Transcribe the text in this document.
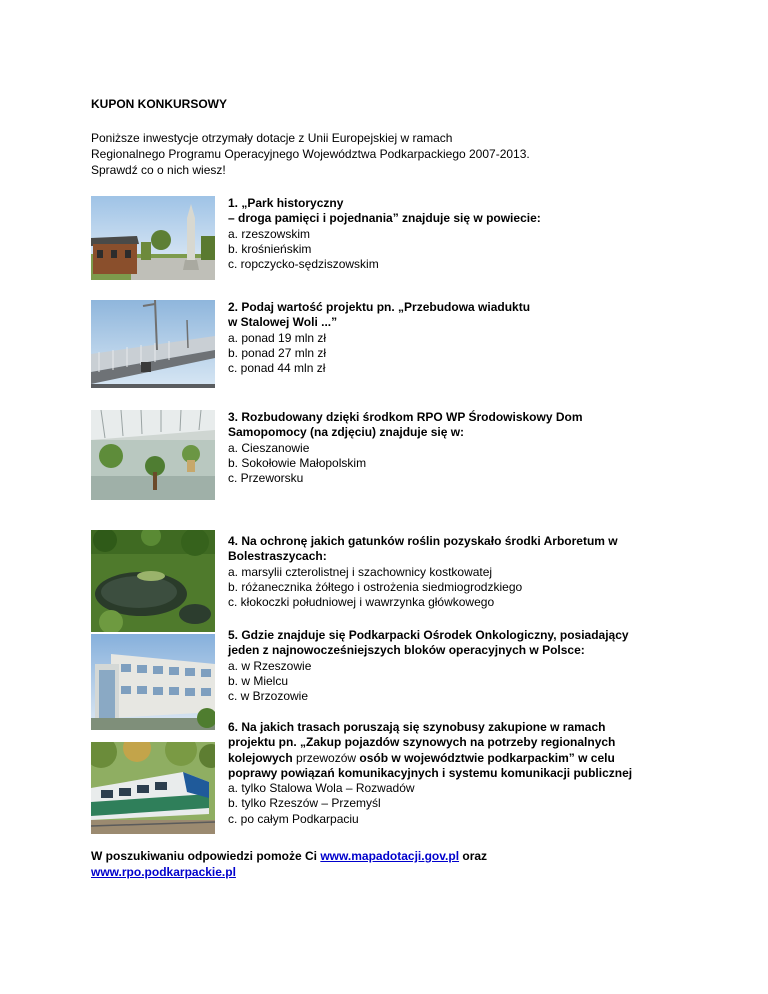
KUPON KONKURSOWY
Poniższe inwestycje otrzymały dotacje z Unii Europejskiej w ramach
Regionalnego Programu Operacyjnego Województwa Podkarpackiego 2007-2013.
Sprawdź co o nich wiesz!
1. „Park historyczny
– droga pamięci i pojednania” znajduje się w powiecie:
a. rzeszowskim
b. krośnieńskim
c. ropczycko-sędziszowskim
2. Podaj wartość projektu pn. „Przebudowa wiaduktu
w Stalowej Woli ...”
a. ponad 19 mln zł
b. ponad 27 mln zł
c. ponad 44 mln zł
3. Rozbudowany dzięki środkom RPO WP Środowiskowy Dom
Samopomocy (na zdjęciu) znajduje się w:
a. Cieszanowie
b. Sokołowie Małopolskim
c. Przeworsku
4. Na ochronę jakich gatunków roślin pozyskało środki Arboretum w
Bolestraszycach:
a. marsylii czterolistnej i szachownicy kostkowatej
b. różanecznika żółtego i ostrożenia siedmiogrodzkiego
c. kłokoczki południowej i wawrzynka główkowego
5. Gdzie znajduje się Podkarpacki Ośrodek Onkologiczny, posiadający
jeden z najnowocześniejszych bloków operacyjnych w Polsce:
a. w Rzeszowie
b. w Mielcu
c. w Brzozowie
6. Na jakich trasach poruszają się szynobusy zakupione w ramach
projektu pn. „Zakup pojazdów szynowych na potrzeby regionalnych
kolejowych przewozów osób w województwie podkarpackim” w celu
poprawy powiązań komunikacyjnych i systemu komunikacji publicznej
a. tylko Stalowa Wola – Rozwadów
b. tylko Rzeszów – Przemyśl
c. po całym Podkarpaciu
W poszukiwaniu odpowiedzi pomoże Ci www.mapadotacji.gov.pl oraz
www.rpo.podkarpackie.pl
